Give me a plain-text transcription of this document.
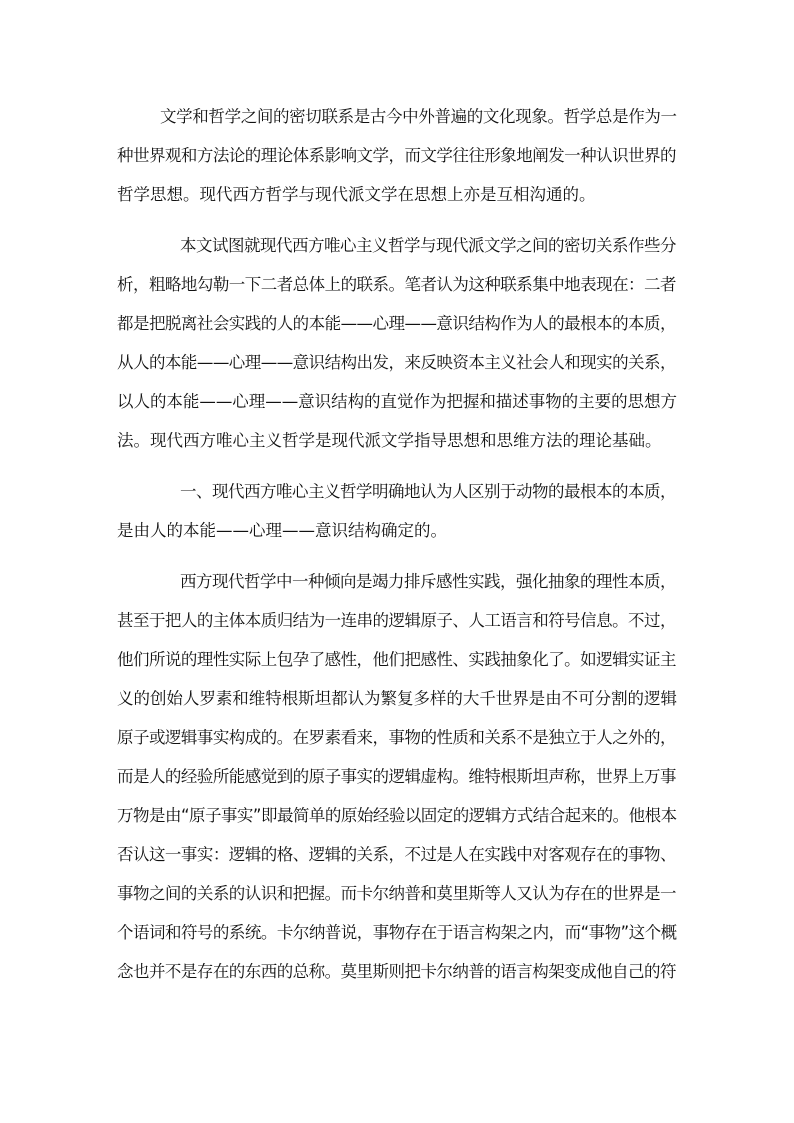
文学和哲学之间的密切联系是古今中外普遍的文化现象。哲学总是作为一
种世界观和方法论的理论体系影响文学，而文学往往形象地阐发一种认识世界的
哲学思想。现代西方哲学与现代派文学在思想上亦是互相沟通的。
本文试图就现代西方唯心主义哲学与现代派文学之间的密切关系作些分
析，粗略地勾勒一下二者总体上的联系。笔者认为这种联系集中地表现在：二者
都是把脱离社会实践的人的本能——心理——意识结构作为人的最根本的本质，
从人的本能——心理——意识结构出发，来反映资本主义社会人和现实的关系，
以人的本能——心理——意识结构的直觉作为把握和描述事物的主要的思想方
法。现代西方唯心主义哲学是现代派文学指导思想和思维方法的理论基础。
一、现代西方唯心主义哲学明确地认为人区别于动物的最根本的本质，
是由人的本能——心理——意识结构确定的。
西方现代哲学中一种倾向是竭力排斥感性实践，强化抽象的理性本质，
甚至于把人的主体本质归结为一连串的逻辑原子、人工语言和符号信息。不过，
他们所说的理性实际上包孕了感性，他们把感性、实践抽象化了。如逻辑实证主
义的创始人罗素和维特根斯坦都认为繁复多样的大千世界是由不可分割的逻辑
原子或逻辑事实构成的。在罗素看来，事物的性质和关系不是独立于人之外的，
而是人的经验所能感觉到的原子事实的逻辑虚构。维特根斯坦声称，世界上万事
万物是由“原子事实”即最简单的原始经验以固定的逻辑方式结合起来的。他根本
否认这一事实：逻辑的格、逻辑的关系，不过是人在实践中对客观存在的事物、
事物之间的关系的认识和把握。而卡尔纳普和莫里斯等人又认为存在的世界是一
个语词和符号的系统。卡尔纳普说，事物存在于语言构架之内，而“事物”这个概
念也并不是存在的东西的总称。莫里斯则把卡尔纳普的语言构架变成他自己的符
